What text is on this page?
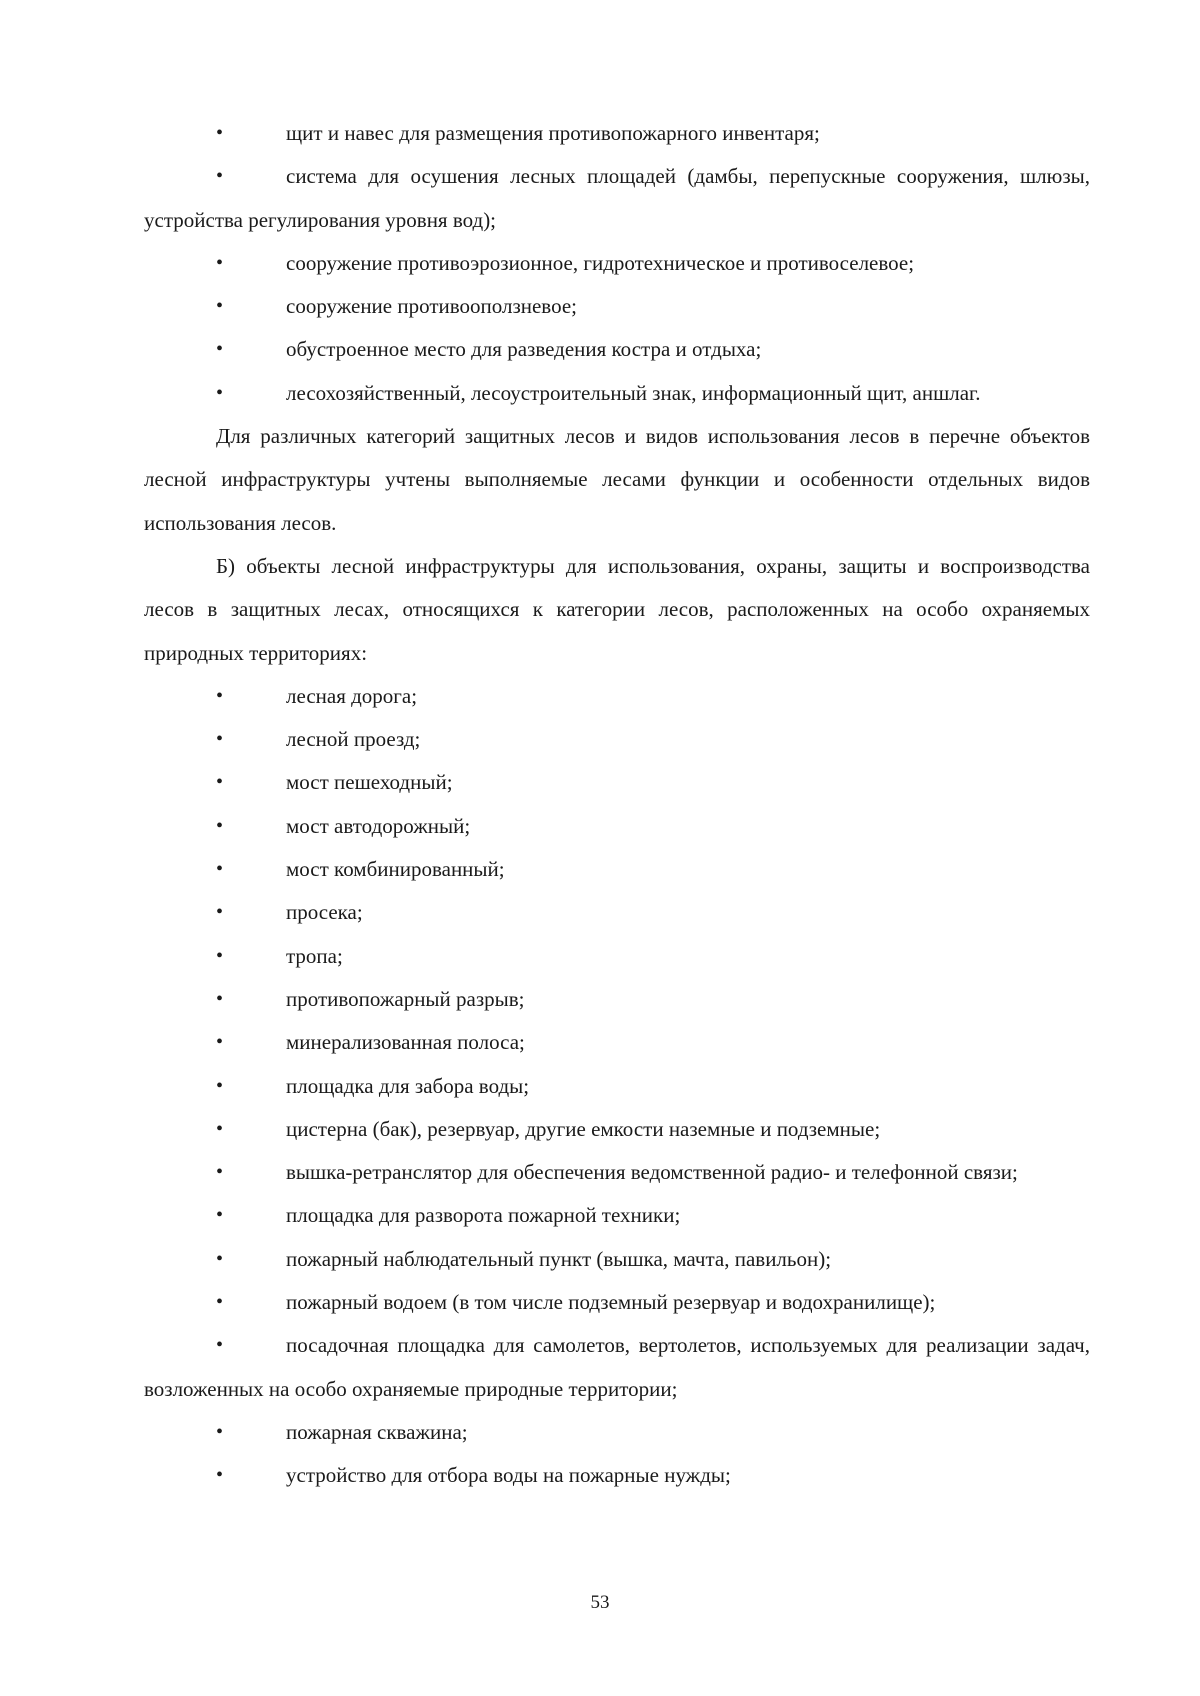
•	щит и навес для размещения противопожарного инвентаря;
•	система для осушения лесных площадей (дамбы, перепускные сооружения, шлюзы, устройства регулирования уровня вод);
•	сооружение противоэрозионное, гидротехническое и противоселевое;
•	сооружение противооползневое;
•	обустроенное место для разведения костра и отдыха;
•	лесохозяйственный, лесоустроительный знак, информационный щит, аншлаг.

Для различных категорий защитных лесов и видов использования лесов в перечне объектов лесной инфраструктуры учтены выполняемые лесами функции и особенности отдельных видов использования лесов.

Б) объекты лесной инфраструктуры для использования, охраны, защиты и воспроизводства лесов в защитных лесах, относящихся к категории лесов, расположенных на особо охраняемых природных территориях:

•	лесная дорога;
•	лесной проезд;
•	мост пешеходный;
•	мост автодорожный;
•	мост комбинированный;
•	просека;
•	тропа;
•	противопожарный разрыв;
•	минерализованная полоса;
•	площадка для забора воды;
•	цистерна (бак), резервуар, другие емкости наземные и подземные;
•	вышка-ретранслятор для обеспечения ведомственной радио- и телефонной связи;
•	площадка для разворота пожарной техники;
•	пожарный наблюдательный пункт (вышка, мачта, павильон);
•	пожарный водоем (в том числе подземный резервуар и водохранилище);
•	посадочная площадка для самолетов, вертолетов, используемых для реализации задач, возложенных на особо охраняемые природные территории;
•	пожарная скважина;
•	устройство для отбора воды на пожарные нужды;
53
